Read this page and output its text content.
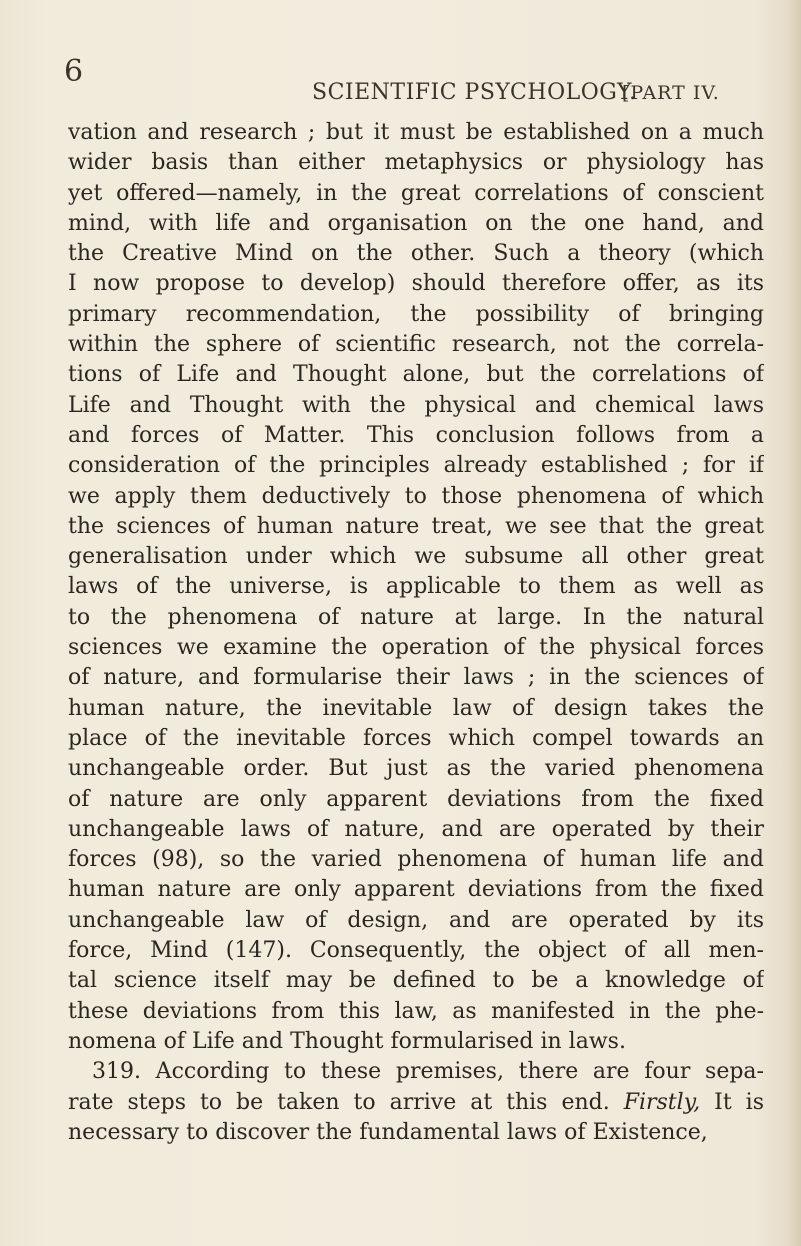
6
SCIENTIFIC PSYCHOLOGY.
[PART IV.
vation and research ; but it must be established on a much
wider basis than either metaphysics or physiology has
yet offered—namely, in the great correlations of conscient
mind, with life and organisation on the one hand, and
the Creative Mind on the other. Such a theory (which
I now propose to develop) should therefore offer, as its
primary recommendation, the possibility of bringing
within the sphere of scientific research, not the correla-
tions of Life and Thought alone, but the correlations of
Life and Thought with the physical and chemical laws
and forces of Matter. This conclusion follows from a
consideration of the principles already established ; for if
we apply them deductively to those phenomena of which
the sciences of human nature treat, we see that the great
generalisation under which we subsume all other great
laws of the universe, is applicable to them as well as
to the phenomena of nature at large. In the natural
sciences we examine the operation of the physical forces
of nature, and formularise their laws ; in the sciences of
human nature, the inevitable law of design takes the
place of the inevitable forces which compel towards an
unchangeable order. But just as the varied phenomena
of nature are only apparent deviations from the fixed
unchangeable laws of nature, and are operated by their
forces (98), so the varied phenomena of human life and
human nature are only apparent deviations from the fixed
unchangeable law of design, and are operated by its
force, Mind (147). Consequently, the object of all men-
tal science itself may be defined to be a knowledge of
these deviations from this law, as manifested in the phe-
nomena of Life and Thought formularised in laws.
319. According to these premises, there are four sepa-
rate steps to be taken to arrive at this end. Firstly, It is
necessary to discover the fundamental laws of Existence,
